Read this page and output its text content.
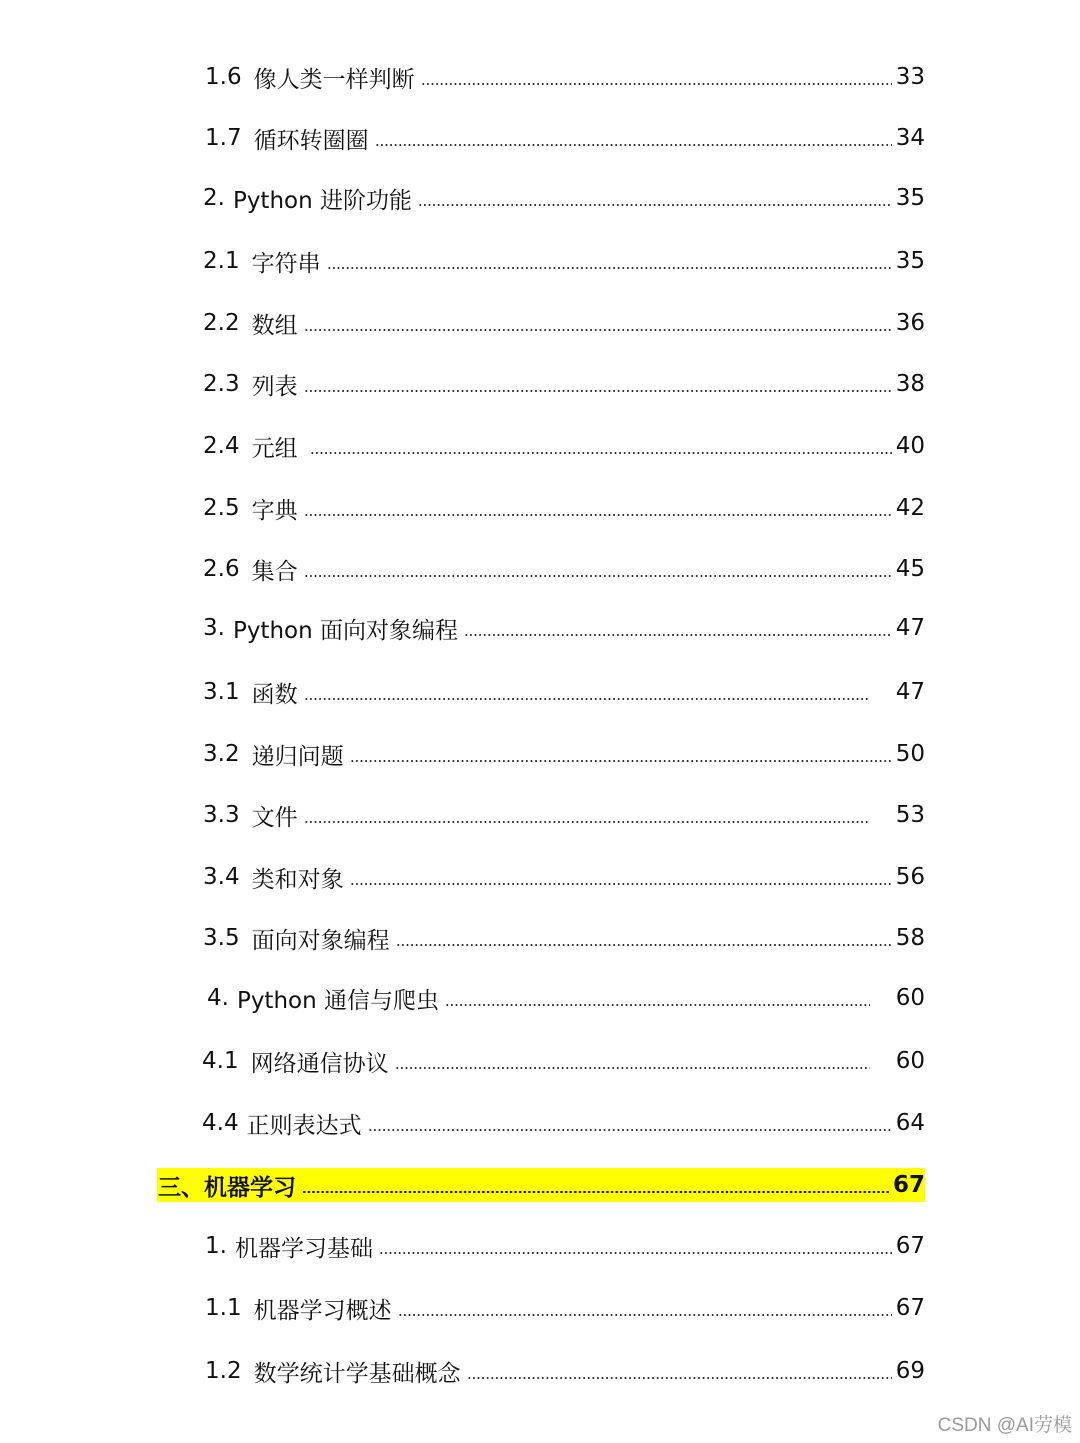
1.6 像人类一样判断	33
1.7 循环转圈圈	34
2. Python 进阶功能	35
2.1 字符串	35
2.2 数组	36
2.3 列表	38
2.4 元组	40
2.5 字典	42
2.6 集合	45
3. Python 面向对象编程	47
3.1 函数	47
3.2 递归问题	50
3.3 文件	53
3.4 类和对象	56
3.5 面向对象编程	58
4. Python 通信与爬虫	60
4.1 网络通信协议	60
4.4 正则表达式	64
三、 机器学习	67
1. 机器学习基础	67
1.1 机器学习概述	67
1.2 数学统计学基础概念	69
CSDN @AI劳模
